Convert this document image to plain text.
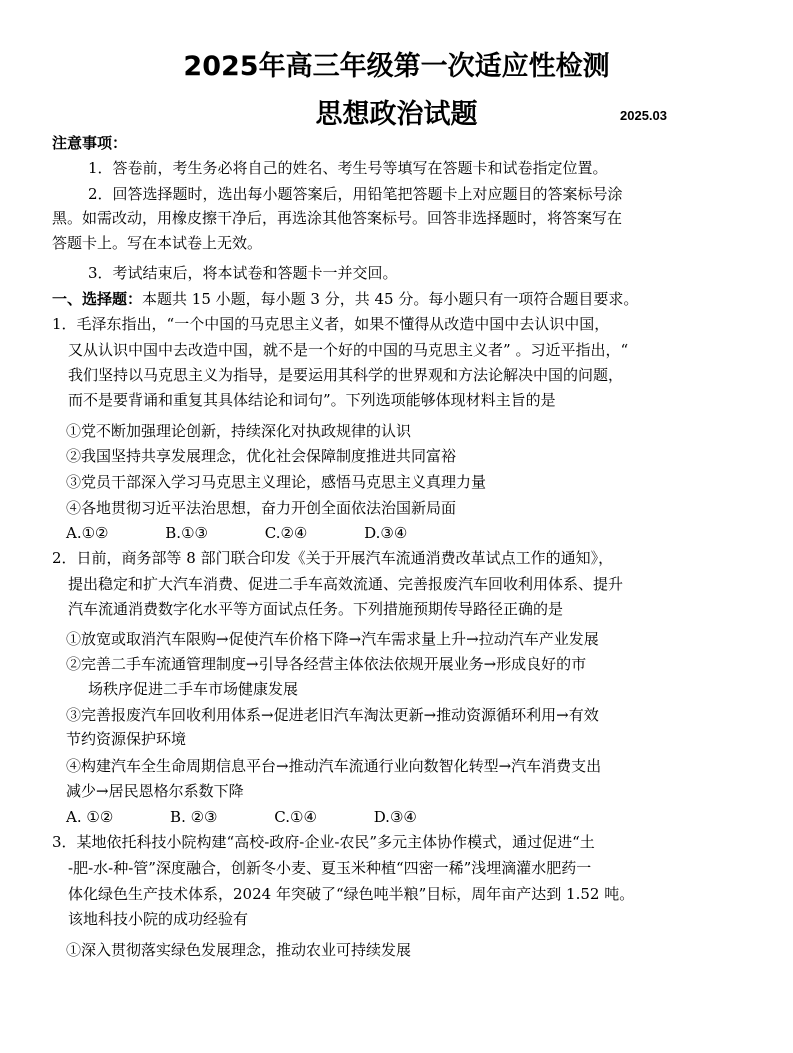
2025年高三年级第一次适应性检测
思想政治试题	2025.03
注意事项：
1．答卷前，考生务必将自己的姓名、考生号等填写在答题卡和试卷指定位置。
2．回答选择题时，选出每小题答案后，用铅笔把答题卡上对应题目的答案标号涂
黑。如需改动，用橡皮擦干净后，再选涂其他答案标号。回答非选择题时，将答案写在
答题卡上。写在本试卷上无效。
3．考试结束后，将本试卷和答题卡一并交回。
一、选择题：本题共 15 小题，每小题 3 分，共 45 分。每小题只有一项符合题目要求。
1．毛泽东指出，“一个中国的马克思主义者，如果不懂得从改造中国中去认识中国，
又从认识中国中去改造中国，就不是一个好的中国的马克思主义者” 。习近平指出，“
我们坚持以马克思主义为指导，是要运用其科学的世界观和方法论解决中国的问题，
而不是要背诵和重复其具体结论和词句”。下列选项能够体现材料主旨的是
①党不断加强理论创新，持续深化对执政规律的认识
②我国坚持共享发展理念，优化社会保障制度推进共同富裕
③党员干部深入学习马克思主义理论，感悟马克思主义真理力量
④各地贯彻习近平法治思想，奋力开创全面依法治国新局面
A.①②	B.①③	C.②④	D.③④
2．日前，商务部等 8 部门联合印发《关于开展汽车流通消费改革试点工作的通知》，
提出稳定和扩大汽车消费、促进二手车高效流通、完善报废汽车回收利用体系、提升
汽车流通消费数字化水平等方面试点任务。下列措施预期传导路径正确的是
①放宽或取消汽车限购→促使汽车价格下降→汽车需求量上升→拉动汽车产业发展
②完善二手车流通管理制度→引导各经营主体依法依规开展业务→形成良好的市
场秩序促进二手车市场健康发展
③完善报废汽车回收利用体系→促进老旧汽车淘汰更新→推动资源循环利用→有效
节约资源保护环境
④构建汽车全生命周期信息平台→推动汽车流通行业向数智化转型→汽车消费支出
减少→居民恩格尔系数下降
A. ①②	B. ②③	C.①④	D.③④
3．某地依托科技小院构建“高校-政府-企业-农民”多元主体协作模式，通过促进“土
-肥-水-种-管”深度融合，创新冬小麦、夏玉米种植“四密一稀”浅埋滴灌水肥药一
体化绿色生产技术体系，2024 年突破了“绿色吨半粮”目标，周年亩产达到 1.52 吨。
该地科技小院的成功经验有
①深入贯彻落实绿色发展理念，推动农业可持续发展
